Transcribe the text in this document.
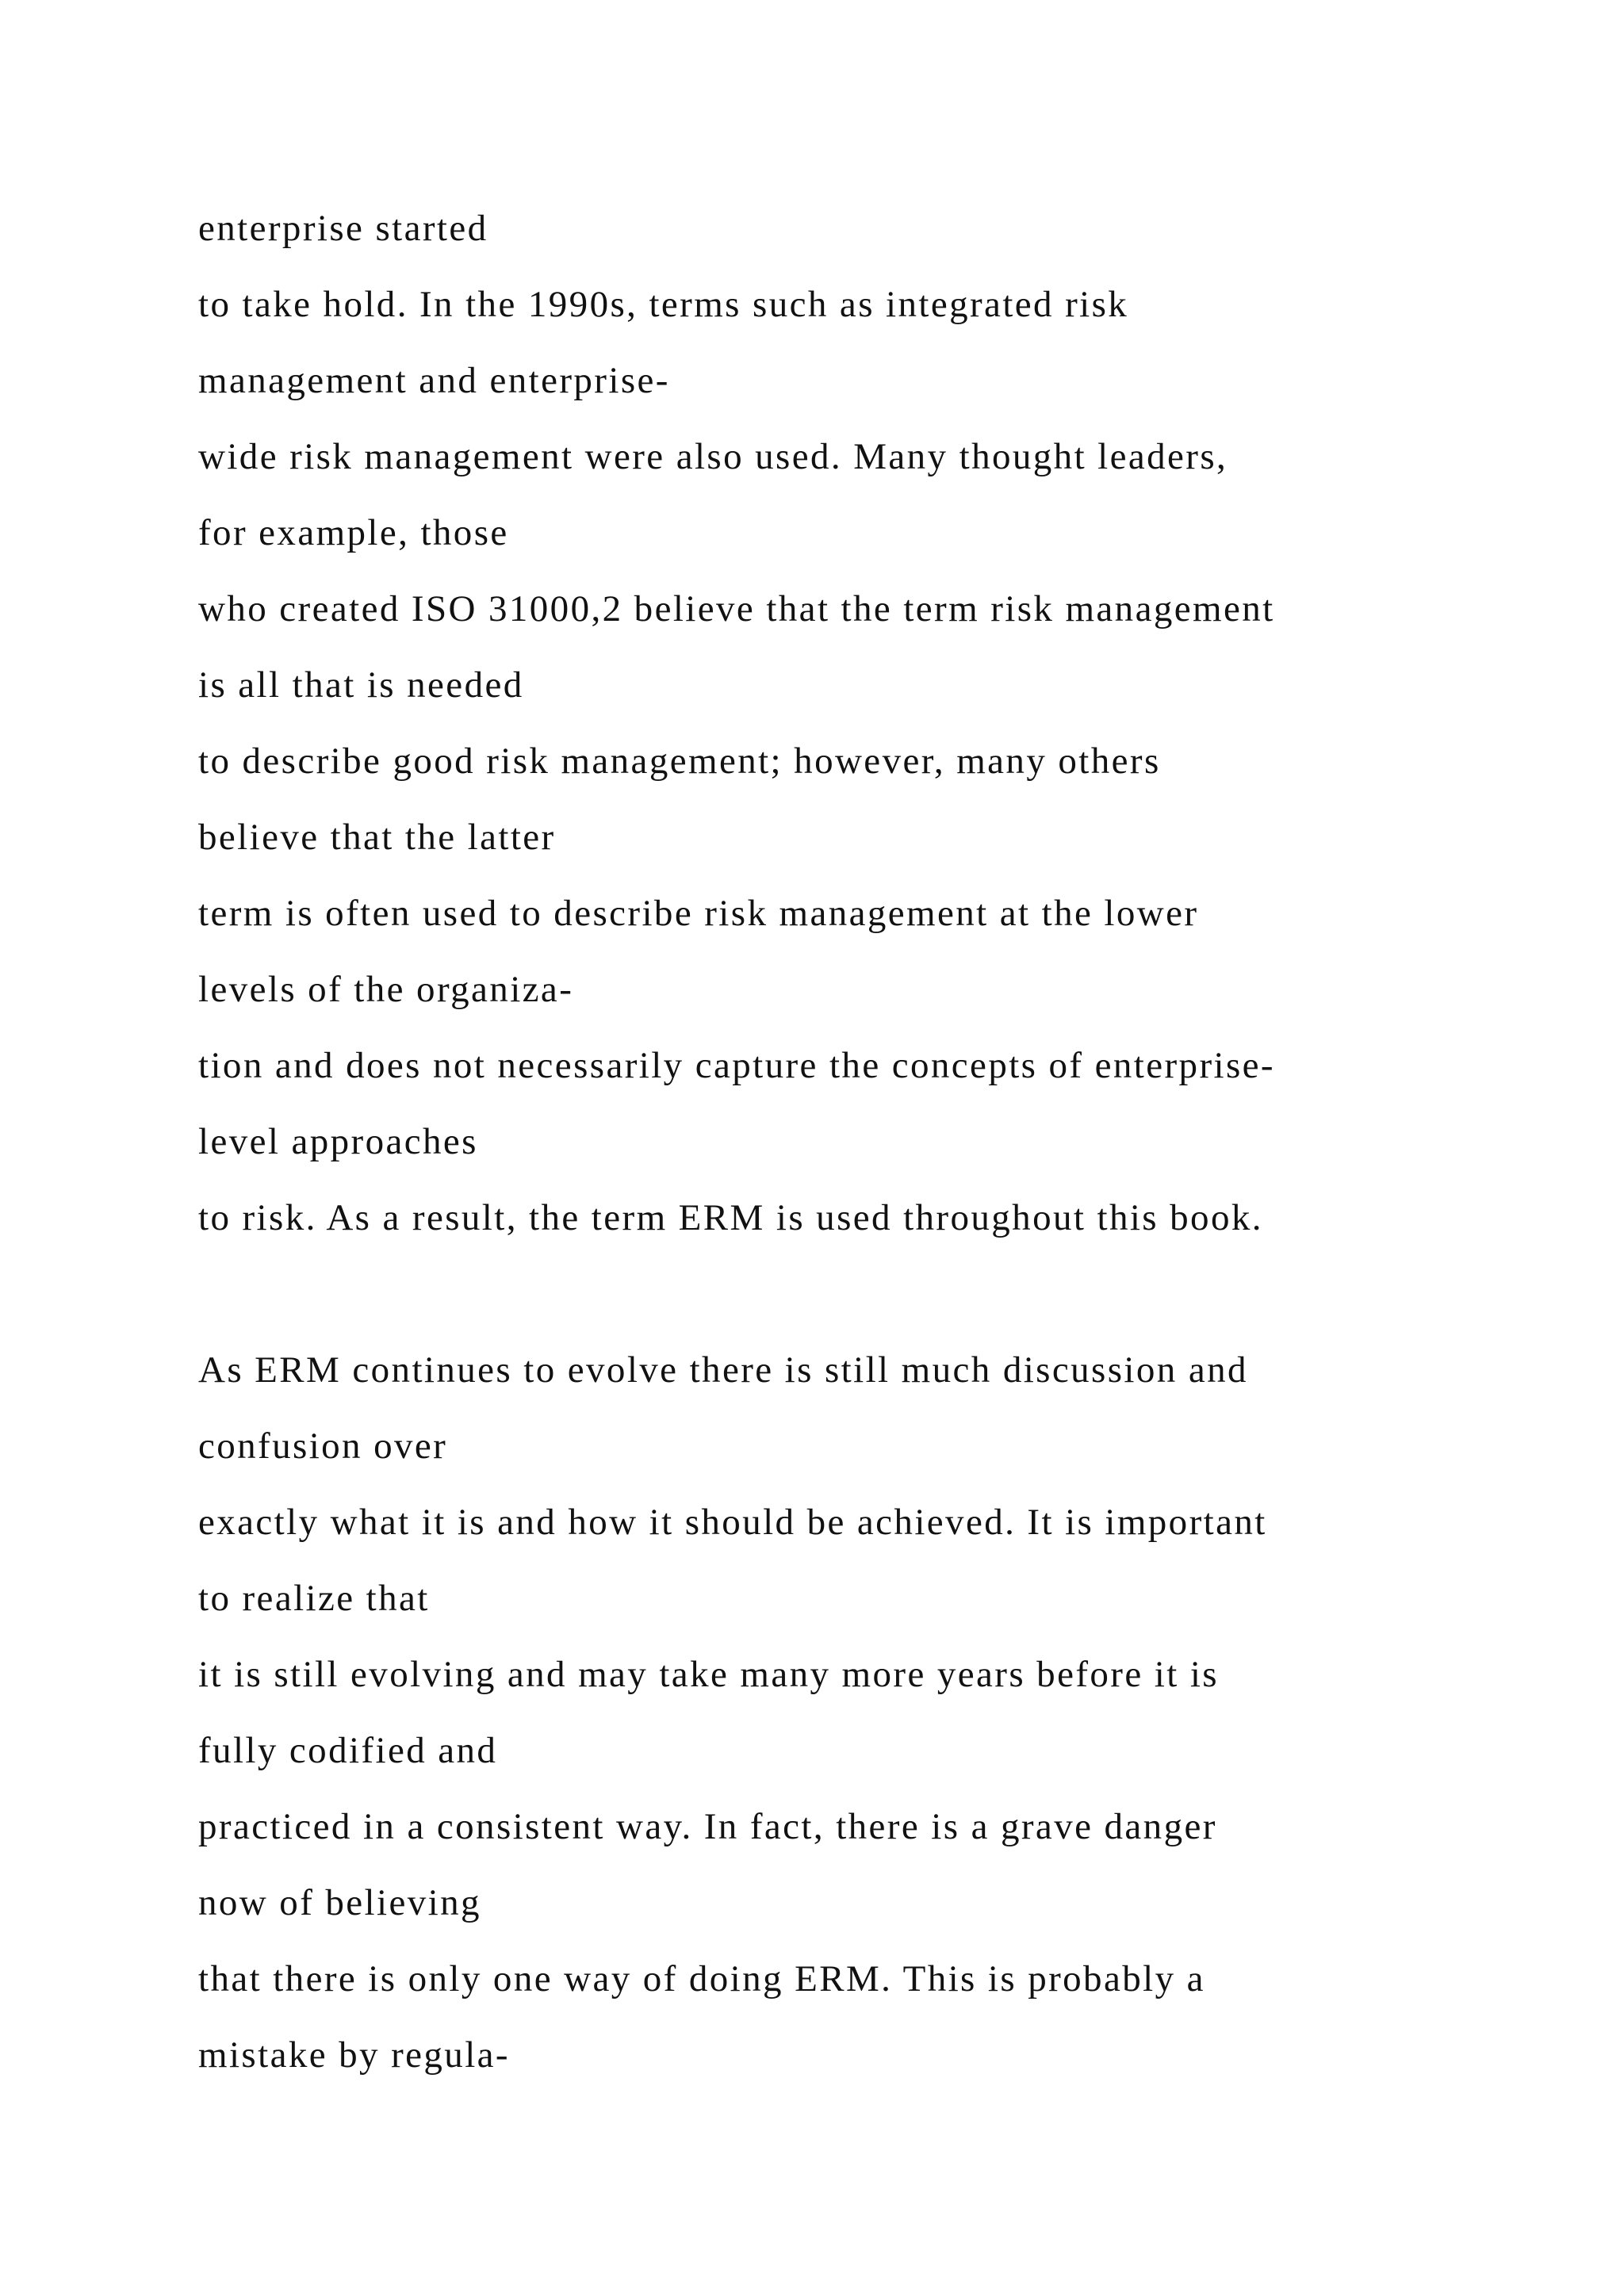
enterprise started
to take hold. In the 1990s, terms such as integrated risk
management and enterprise-
wide risk management were also used. Many thought leaders,
for example, those
who created ISO 31000,2 believe that the term risk management
is all that is needed
to describe good risk management; however, many others
believe that the latter
term is often used to describe risk management at the lower
levels of the organiza-
tion and does not necessarily capture the concepts of enterprise-
level approaches
to risk. As a result, the term ERM is used throughout this book.
As ERM continues to evolve there is still much discussion and
confusion over
exactly what it is and how it should be achieved. It is important
to realize that
it is still evolving and may take many more years before it is
fully codified and
practiced in a consistent way. In fact, there is a grave danger
now of believing
that there is only one way of doing ERM. This is probably a
mistake by regula-
